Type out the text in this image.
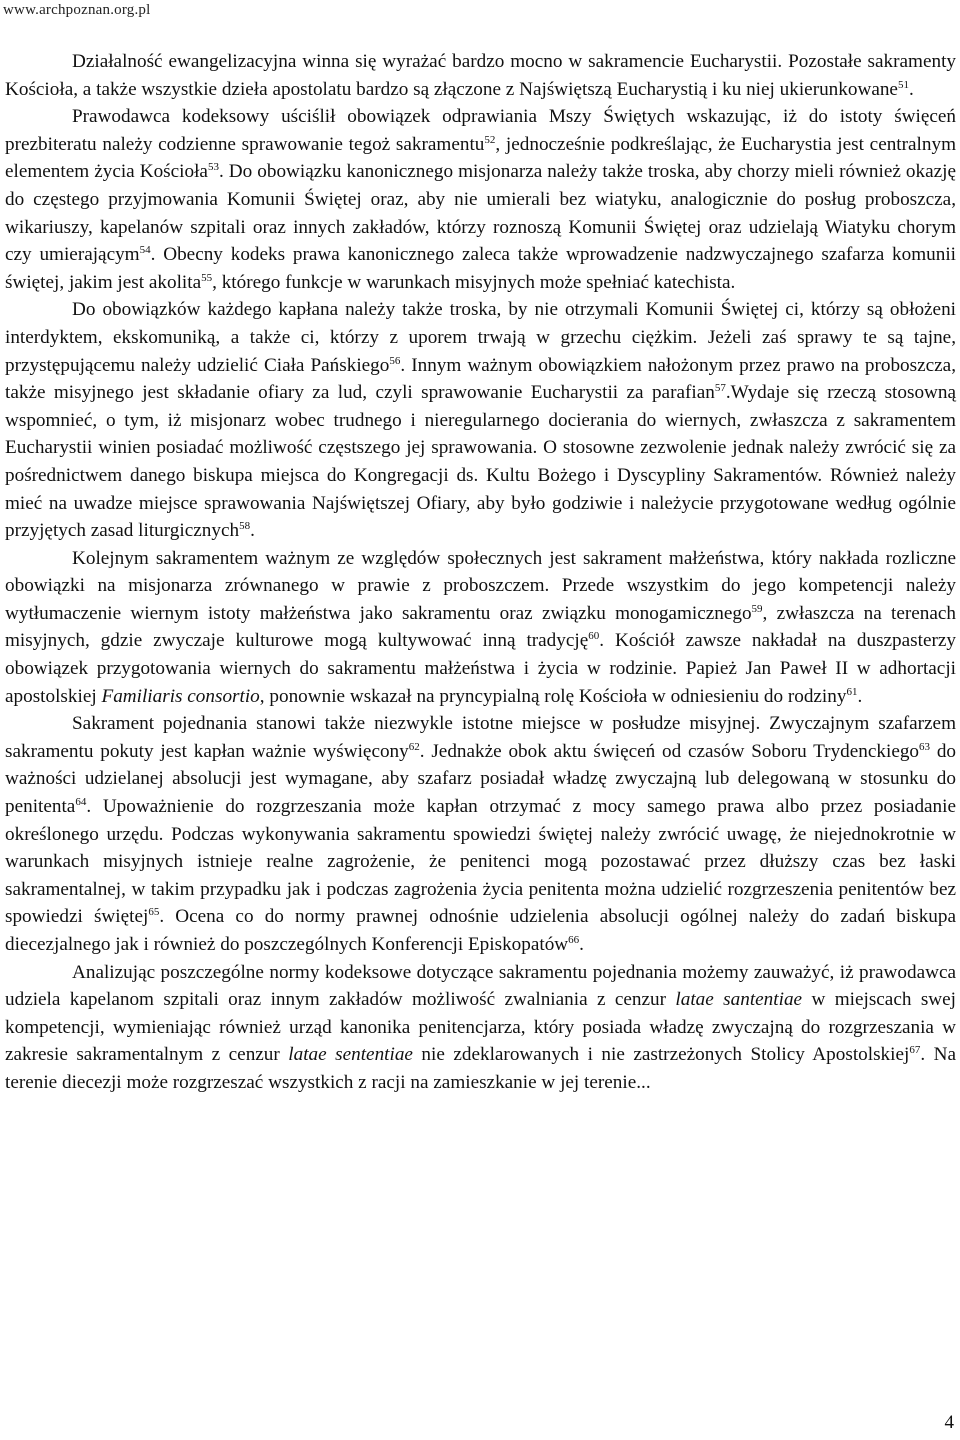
www.archpoznan.org.pl

Działalność ewangelizacyjna winna się wyrażać bardzo mocno w sakramencie Eucharystii. Pozostałe sakramenty Kościoła, a także wszystkie dzieła apostolatu bardzo są złączone z Najświętszą Eucharystią i ku niej ukierunkowane$^{51}$.

Prawodawca kodeksowy uściślił obowiązek odprawiania Mszy Świętych wskazując, iż do istoty święceń prezbiteratu należy codzienne sprawowanie tegoż sakramentu$^{52}$, jednocześnie podkreślając, że Eucharystia jest centralnym elementem życia Kościoła$^{53}$. Do obowiązku kanonicznego misjonarza należy także troska, aby chorzy mieli również okazję do częstego przyjmowania Komunii Świętej oraz, aby nie umierali bez wiatyku, analogicznie do posług proboszcza, wikariuszy, kapelanów szpitali oraz innych zakładów, którzy roznoszą Komunii Świętej oraz udzielają Wiatyku chorym czy umierającym$^{54}$. Obecny kodeks prawa kanonicznego zaleca także wprowadzenie nadzwyczajnego szafarza komunii świętej, jakim jest akolita$^{55}$, którego funkcje w warunkach misyjnych może spełniać katechista.

Do obowiązków każdego kapłana należy także troska, by nie otrzymali Komunii Świętej ci, którzy są obłożeni interdyktem, ekskomuniką, a także ci, którzy z uporem trwają w grzechu ciężkim. Jeżeli zaś sprawy te są tajne, przystępującemu należy udzielić Ciała Pańskiego$^{56}$. Innym ważnym obowiązkiem nałożonym przez prawo na proboszcza, także misyjnego jest składanie ofiary za lud, czyli sprawowanie Eucharystii za parafian$^{57}$.Wydaje się rzeczą stosowną wspomnieć, o tym, iż misjonarz wobec trudnego i nieregularnego docierania do wiernych, zwłaszcza z sakramentem Eucharystii winien posiadać możliwość częstszego jej sprawowania. O stosowne zezwolenie jednak należy zwrócić się za pośrednictwem danego biskupa miejsca do Kongregacji ds. Kultu Bożego i Dyscypliny Sakramentów. Również należy mieć na uwadze miejsce sprawowania Najświętszej Ofiary, aby było godziwie i należycie przygotowane według ogólnie przyjętych zasad liturgicznych$^{58}$.

Kolejnym sakramentem ważnym ze względów społecznych jest sakrament małżeństwa, który nakłada rozliczne obowiązki na misjonarza zrównanego w prawie z proboszczem. Przede wszystkim do jego kompetencji należy wytłumaczenie wiernym istoty małżeństwa jako sakramentu oraz związku monogamicznego$^{59}$, zwłaszcza na terenach misyjnych, gdzie zwyczaje kulturowe mogą kultywować inną tradycję$^{60}$. Kościół zawsze nakładał na duszpasterzy obowiązek przygotowania wiernych do sakramentu małżeństwa i życia w rodzinie. Papież Jan Paweł II w adhortacji apostolskiej Familiaris consortio, ponownie wskazał na pryncypialną rolę Kościoła w odniesieniu do rodziny$^{61}$.

Sakrament pojednania stanowi także niezwykle istotne miejsce w posłudze misyjnej. Zwyczajnym szafarzem sakramentu pokuty jest kapłan ważnie wyświęcony$^{62}$. Jednakże obok aktu święceń od czasów Soboru Trydenckiego$^{63}$ do ważności udzielanej absolucji jest wymagane, aby szafarz posiadał władzę zwyczajną lub delegowaną w stosunku do penitenta$^{64}$. Upoważnienie do rozgrzeszania może kapłan otrzymać z mocy samego prawa albo przez posiadanie określonego urzędu. Podczas wykonywania sakramentu spowiedzi świętej należy zwrócić uwagę, że niejednokrotnie w warunkach misyjnych istnieje realne zagrożenie, że penitenci mogą pozostawać przez dłuższy czas bez łaski sakramentalnej, w takim przypadku jak i podczas zagrożenia życia penitenta można udzielić rozgrzeszenia penitentów bez spowiedzi świętej$^{65}$. Ocena co do normy prawnej odnośnie udzielenia absolucji ogólnej należy do zadań biskupa diecezjalnego jak i również do poszczególnych Konferencji Episkopatów$^{66}$.

Analizując poszczególne normy kodeksowe dotyczące sakramentu pojednania możemy zauważyć, iż prawodawca udziela kapelanom szpitali oraz innym zakładów możliwość zwalniania z cenzur latae santentiae w miejscach swej kompetencji, wymieniając również urząd kanonika penitencjarza, który posiada władzę zwyczajną do rozgrzeszania w zakresie sakramentalnym z cenzur latae sententiae nie zdeklarowanych i nie zastrzeżonych Stolicy Apostolskiej$^{67}$. Na terenie diecezji może rozgrzeszać wszystkich z racji na zamieszkanie w jej terenie...

4
